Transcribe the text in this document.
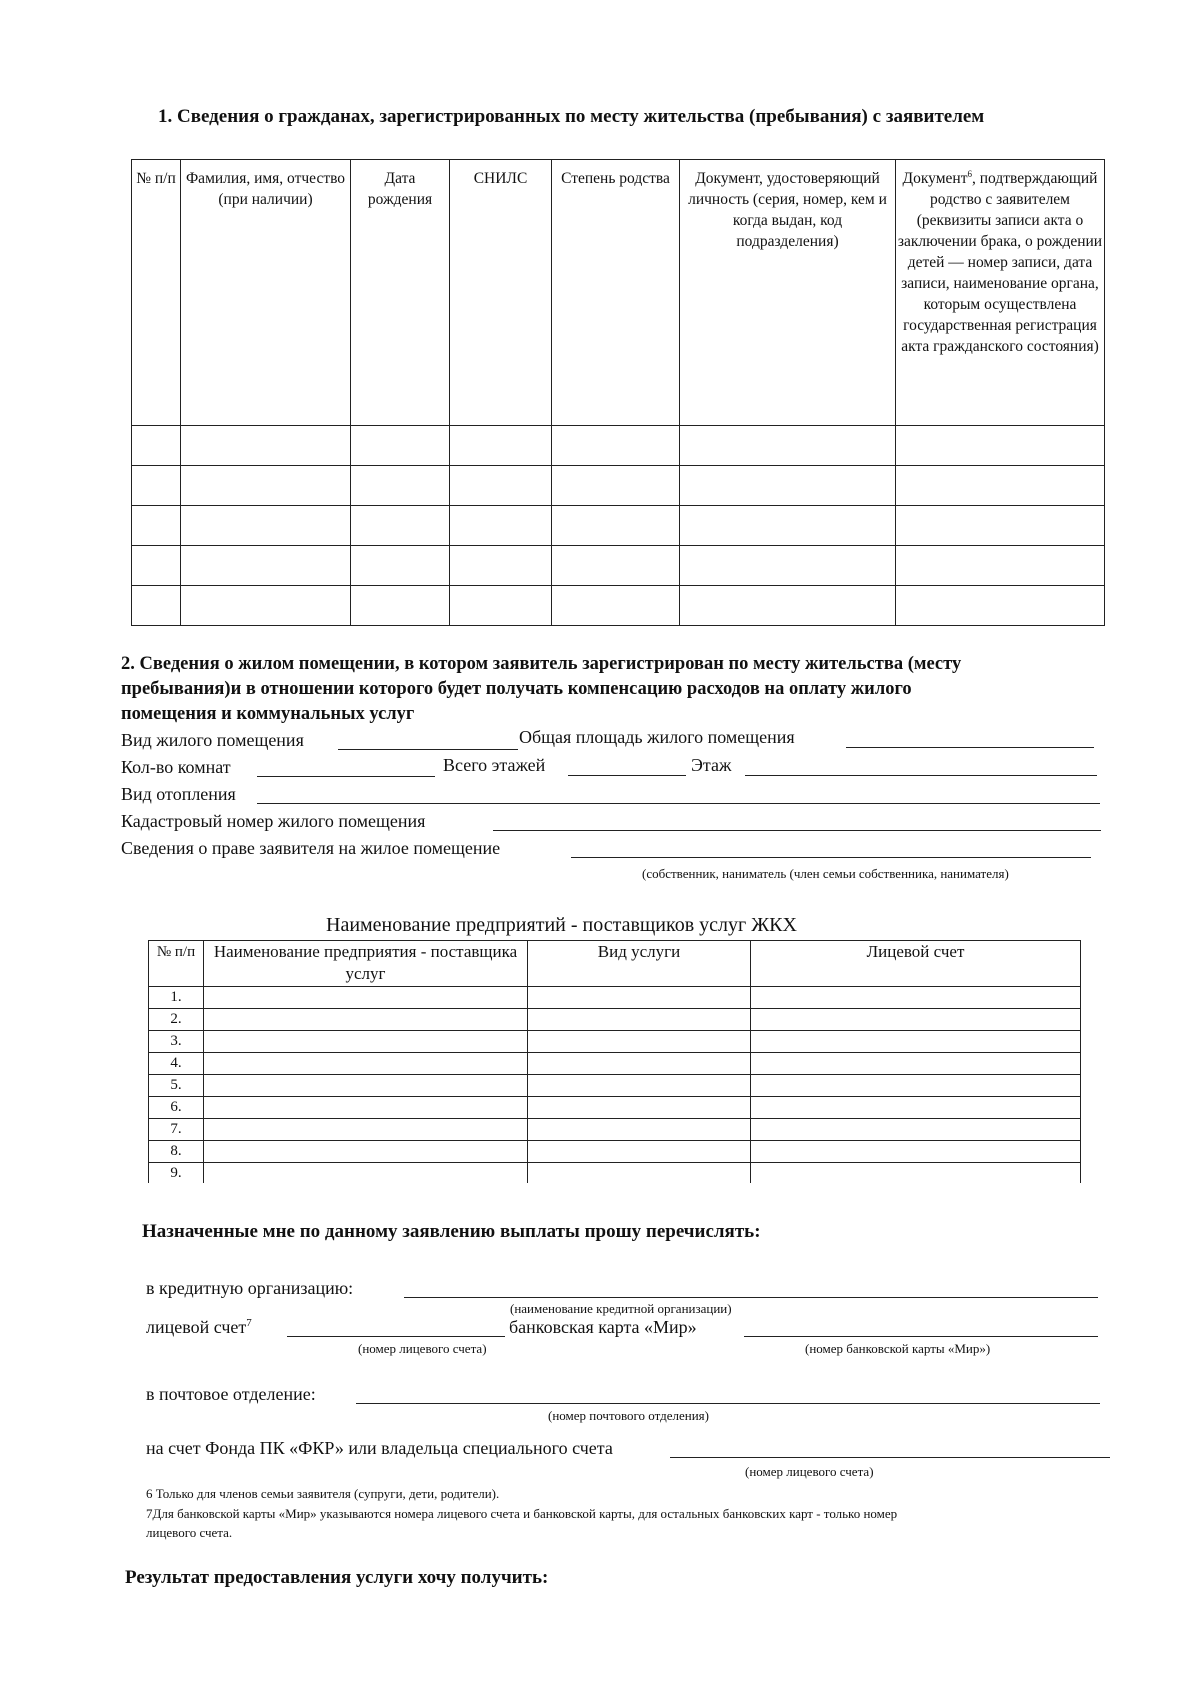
1. Сведения о гражданах, зарегистрированных по месту жительства (пребывания) с заявителем
№ п/п	Фамилия, имя, отчество (при наличии)	Дата рождения	СНИЛС	Степень родства	Документ, удостоверяющий личность (серия, номер, кем и когда выдан, код подразделения)	Документ$^6$, подтверждающий родство с заявителем (реквизиты записи акта о заключении брака, о рождении детей — номер записи, дата записи, наименование органа, которым осуществлена государственная регистрация акта гражданского состояния)

2. Сведения о жилом помещении, в котором заявитель зарегистрирован по месту жительства (месту
пребывания)и в отношении которого будет получать компенсацию расходов на оплату жилого
помещения и коммунальных услуг
Вид жилого помещения	Общая площадь жилого помещения
Кол-во комнат	Всего этажей	Этаж
Вид отопления
Кадастровый номер жилого помещения
Сведения о праве заявителя на жилое помещение
(собственник, наниматель (член семьи собственника, нанимателя)
Наименование предприятий - поставщиков услуг ЖКХ
№ п/п	Наименование предприятия - поставщика услуг	Вид услуги	Лицевой счет
1.			
2.			
3.			
4.			
5.			
6.			
7.			
8.			
9.			
Назначенные мне по данному заявлению выплаты прошу перечислять:
в кредитную организацию:
(наименование кредитной организации)
лицевой счет$^7$	банковская карта «Мир»
(номер лицевого счета)	(номер банковской карты «Мир»)
в почтовое отделение:
(номер почтового отделения)
на счет Фонда ПК «ФКР» или владельца специального счета
(номер лицевого счета)
6 Только для членов семьи заявителя (супруги, дети, родители).
7Для банковской карты «Мир» указываются номера лицевого счета и банковской карты, для остальных банковских карт - только номер
лицевого счета.
Результат предоставления услуги хочу получить:
